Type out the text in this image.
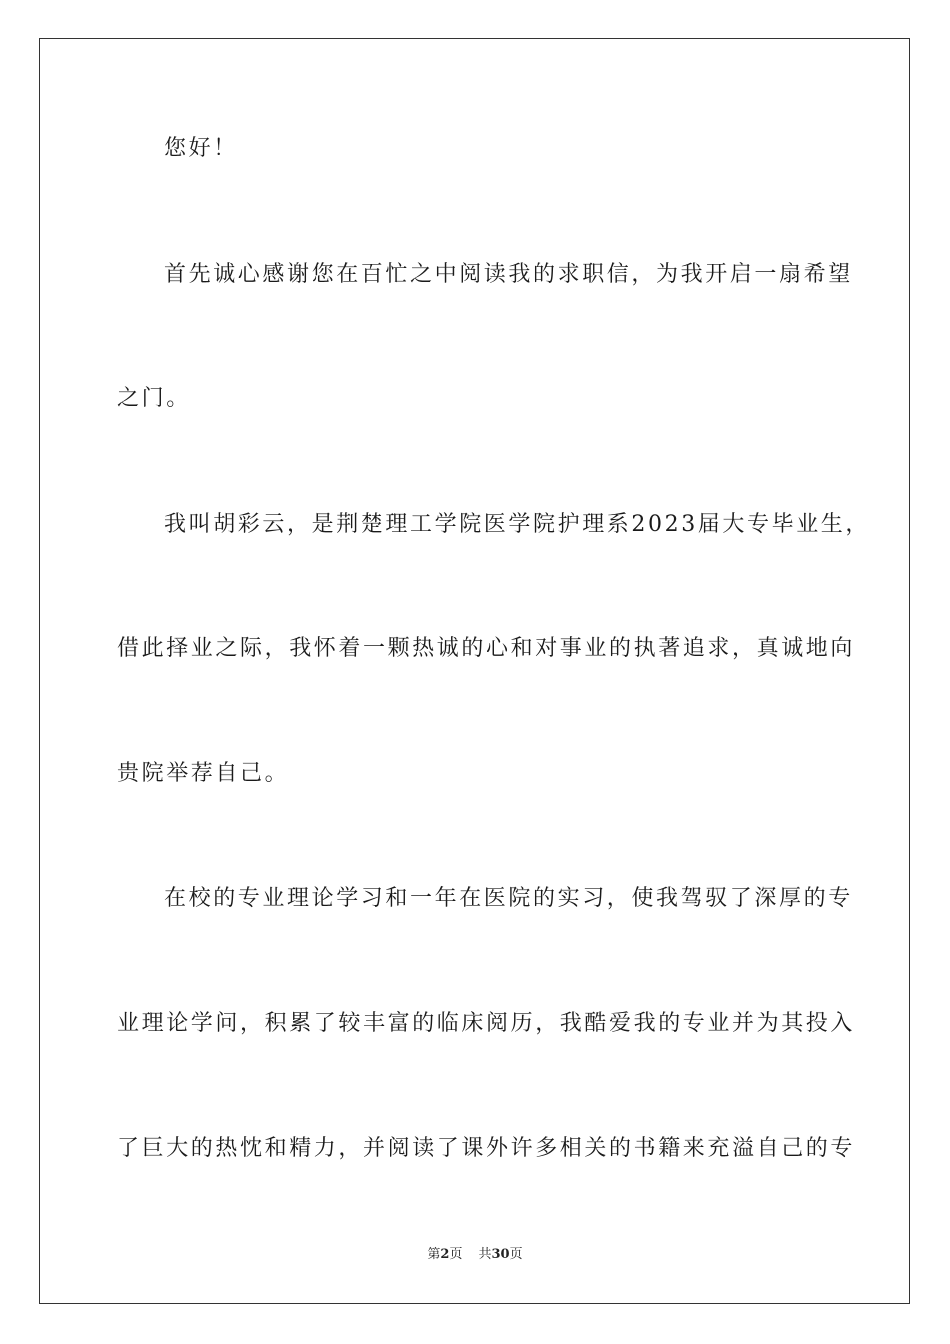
您好！
首先诚心感谢您在百忙之中阅读我的求职信，为我开启一扇希望
之门。
我叫胡彩云，是荆楚理工学院医学院护理系2023届大专毕业生，
借此择业之际，我怀着一颗热诚的心和对事业的执著追求，真诚地向
贵院举荐自己。
在校的专业理论学习和一年在医院的实习，使我驾驭了深厚的专
业理论学问，积累了较丰富的临床阅历，我酷爱我的专业并为其投入
了巨大的热忱和精力，并阅读了课外许多相关的书籍来充溢自己的专
第2页 共30页
